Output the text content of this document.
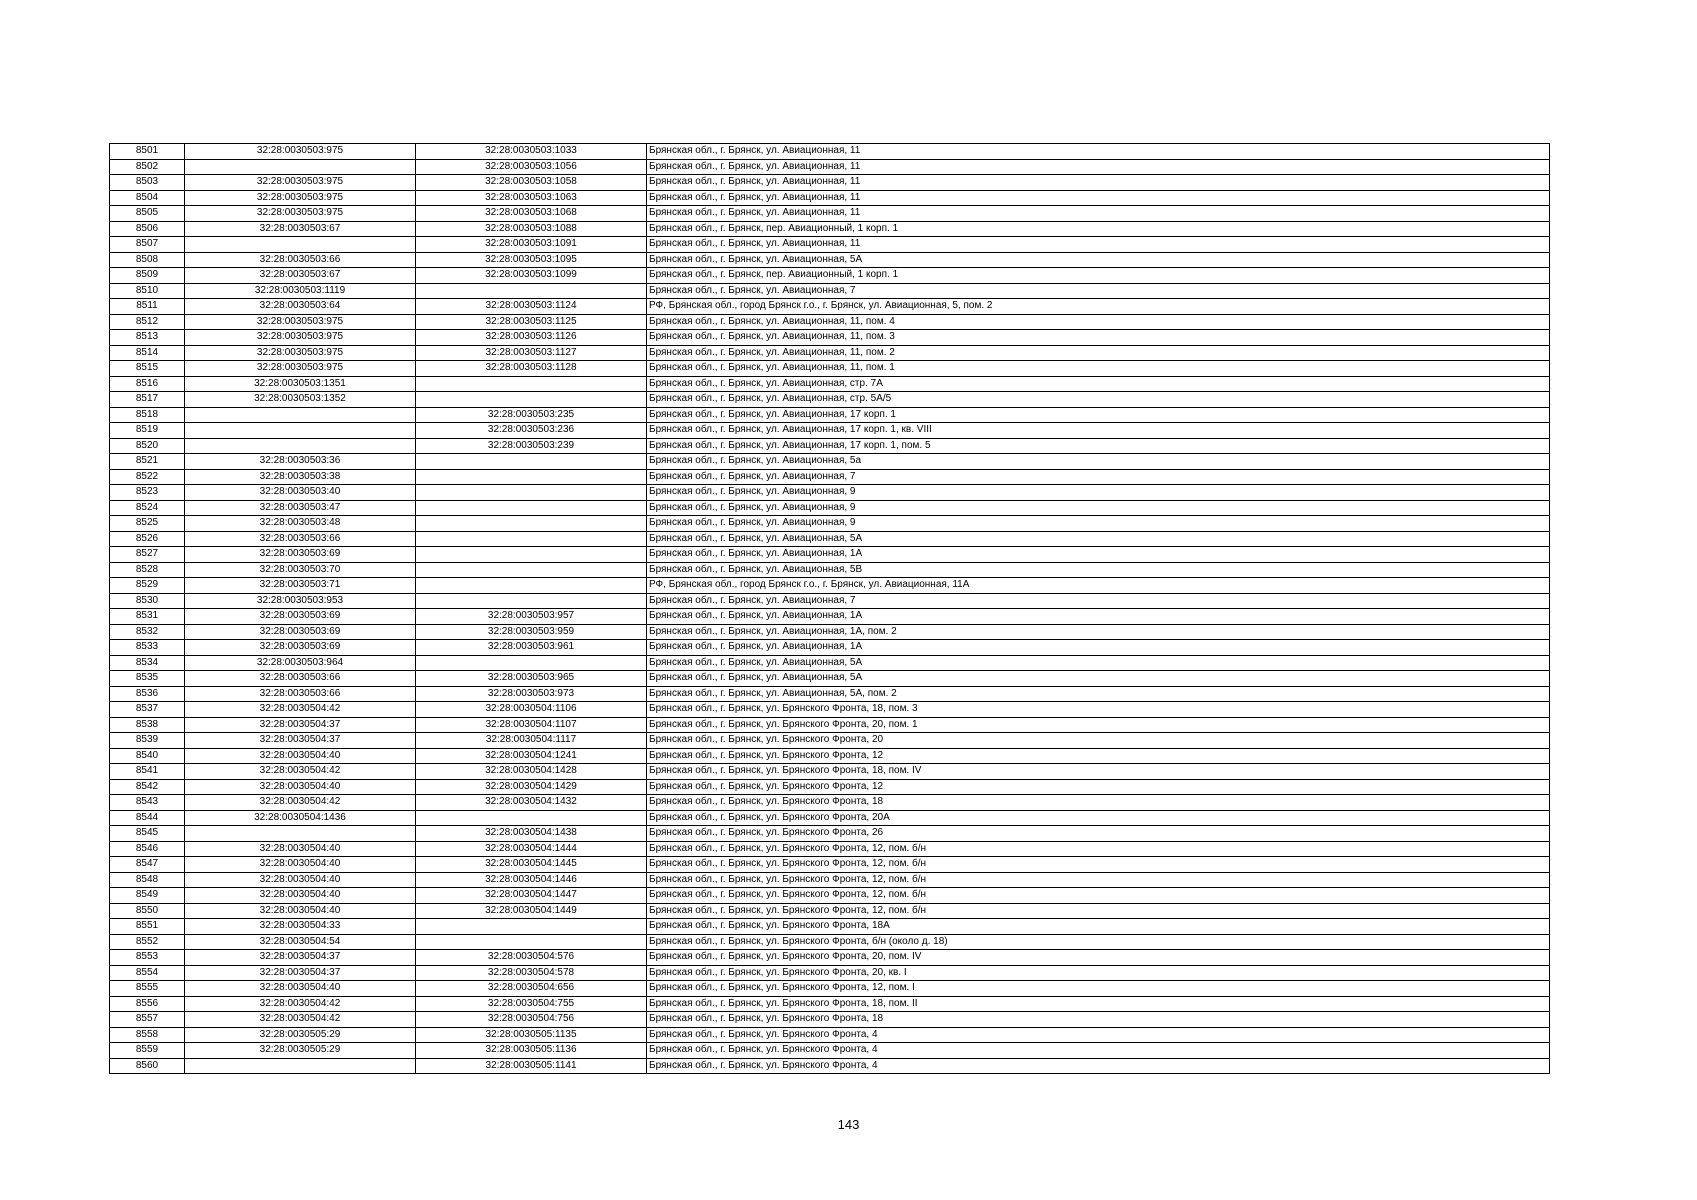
8501	32:28:0030503:975	32:28:0030503:1033	Брянская обл., г. Брянск, ул. Авиационная, 11
8502		32:28:0030503:1056	Брянская обл., г. Брянск, ул. Авиационная, 11
8503	32:28:0030503:975	32:28:0030503:1058	Брянская обл., г. Брянск, ул. Авиационная, 11
8504	32:28:0030503:975	32:28:0030503:1063	Брянская обл., г. Брянск, ул. Авиационная, 11
8505	32:28:0030503:975	32:28:0030503:1068	Брянская обл., г. Брянск, ул. Авиационная, 11
8506	32:28:0030503:67	32:28:0030503:1088	Брянская обл., г. Брянск, пер. Авиационный, 1 корп. 1
8507		32:28:0030503:1091	Брянская обл., г. Брянск, ул. Авиационная, 11
8508	32:28:0030503:66	32:28:0030503:1095	Брянская обл., г. Брянск, ул. Авиационная, 5А
8509	32:28:0030503:67	32:28:0030503:1099	Брянская обл., г. Брянск, пер. Авиационный, 1 корп. 1
8510	32:28:0030503:1119		Брянская обл., г. Брянск, ул. Авиационная, 7
8511	32:28:0030503:64	32:28:0030503:1124	РФ, Брянская обл., город Брянск г.о., г. Брянск, ул. Авиационная, 5, пом. 2
8512	32:28:0030503:975	32:28:0030503:1125	Брянская обл., г. Брянск, ул. Авиационная, 11, пом. 4
8513	32:28:0030503:975	32:28:0030503:1126	Брянская обл., г. Брянск, ул. Авиационная, 11, пом. 3
8514	32:28:0030503:975	32:28:0030503:1127	Брянская обл., г. Брянск, ул. Авиационная, 11, пом. 2
8515	32:28:0030503:975	32:28:0030503:1128	Брянская обл., г. Брянск, ул. Авиационная, 11, пом. 1
8516	32:28:0030503:1351		Брянская обл., г. Брянск, ул. Авиационная, стр. 7А
8517	32:28:0030503:1352		Брянская обл., г. Брянск, ул. Авиационная, стр. 5А/5
8518		32:28:0030503:235	Брянская обл., г. Брянск, ул. Авиационная, 17 корп. 1
8519		32:28:0030503:236	Брянская обл., г. Брянск, ул. Авиационная, 17 корп. 1, кв. VIII
8520		32:28:0030503:239	Брянская обл., г. Брянск, ул. Авиационная, 17 корп. 1, пом. 5
8521	32:28:0030503:36		Брянская обл., г. Брянск, ул. Авиационная, 5а
8522	32:28:0030503:38		Брянская обл., г. Брянск, ул. Авиационная, 7
8523	32:28:0030503:40		Брянская обл., г. Брянск, ул. Авиационная, 9
8524	32:28:0030503:47		Брянская обл., г. Брянск, ул. Авиационная, 9
8525	32:28:0030503:48		Брянская обл., г. Брянск, ул. Авиационная, 9
8526	32:28:0030503:66		Брянская обл., г. Брянск, ул. Авиационная, 5А
8527	32:28:0030503:69		Брянская обл., г. Брянск, ул. Авиационная, 1А
8528	32:28:0030503:70		Брянская обл., г. Брянск, ул. Авиационная, 5В
8529	32:28:0030503:71		РФ, Брянская обл., город Брянск г.о., г. Брянск, ул. Авиационная, 11А
8530	32:28:0030503:953		Брянская обл., г. Брянск, ул. Авиационная, 7
8531	32:28:0030503:69	32:28:0030503:957	Брянская обл., г. Брянск, ул. Авиационная, 1А
8532	32:28:0030503:69	32:28:0030503:959	Брянская обл., г. Брянск, ул. Авиационная, 1А, пом. 2
8533	32:28:0030503:69	32:28:0030503:961	Брянская обл., г. Брянск, ул. Авиационная, 1А
8534	32:28:0030503:964		Брянская обл., г. Брянск, ул. Авиационная, 5А
8535	32:28:0030503:66	32:28:0030503:965	Брянская обл., г. Брянск, ул. Авиационная, 5А
8536	32:28:0030503:66	32:28:0030503:973	Брянская обл., г. Брянск, ул. Авиационная, 5А, пом. 2
8537	32:28:0030504:42	32:28:0030504:1106	Брянская обл., г. Брянск, ул. Брянского Фронта, 18, пом. 3
8538	32:28:0030504:37	32:28:0030504:1107	Брянская обл., г. Брянск, ул. Брянского Фронта, 20, пом. 1
8539	32:28:0030504:37	32:28:0030504:1117	Брянская обл., г. Брянск, ул. Брянского Фронта, 20
8540	32:28:0030504:40	32:28:0030504:1241	Брянская обл., г. Брянск, ул. Брянского Фронта, 12
8541	32:28:0030504:42	32:28:0030504:1428	Брянская обл., г. Брянск, ул. Брянского Фронта, 18, пом. IV
8542	32:28:0030504:40	32:28:0030504:1429	Брянская обл., г. Брянск, ул. Брянского Фронта, 12
8543	32:28:0030504:42	32:28:0030504:1432	Брянская обл., г. Брянск, ул. Брянского Фронта, 18
8544	32:28:0030504:1436		Брянская обл., г. Брянск, ул. Брянского Фронта, 20А
8545		32:28:0030504:1438	Брянская обл., г. Брянск, ул. Брянского Фронта, 26
8546	32:28:0030504:40	32:28:0030504:1444	Брянская обл., г. Брянск, ул. Брянского Фронта, 12, пом. б/н
8547	32:28:0030504:40	32:28:0030504:1445	Брянская обл., г. Брянск, ул. Брянского Фронта, 12, пом. б/н
8548	32:28:0030504:40	32:28:0030504:1446	Брянская обл., г. Брянск, ул. Брянского Фронта, 12, пом. б/н
8549	32:28:0030504:40	32:28:0030504:1447	Брянская обл., г. Брянск, ул. Брянского Фронта, 12, пом. б/н
8550	32:28:0030504:40	32:28:0030504:1449	Брянская обл., г. Брянск, ул. Брянского Фронта, 12, пом. б/н
8551	32:28:0030504:33		Брянская обл., г. Брянск, ул. Брянского Фронта, 18А
8552	32:28:0030504:54		Брянская обл., г. Брянск, ул. Брянского Фронта, б/н (около д. 18)
8553	32:28:0030504:37	32:28:0030504:576	Брянская обл., г. Брянск, ул. Брянского Фронта, 20, пом. IV
8554	32:28:0030504:37	32:28:0030504:578	Брянская обл., г. Брянск, ул. Брянского Фронта, 20, кв. I
8555	32:28:0030504:40	32:28:0030504:656	Брянская обл., г. Брянск, ул. Брянского Фронта, 12, пом. I
8556	32:28:0030504:42	32:28:0030504:755	Брянская обл., г. Брянск, ул. Брянского Фронта, 18, пом. II
8557	32:28:0030504:42	32:28:0030504:756	Брянская обл., г. Брянск, ул. Брянского Фронта, 18
8558	32:28:0030505:29	32:28:0030505:1135	Брянская обл., г. Брянск, ул. Брянского Фронта, 4
8559	32:28:0030505:29	32:28:0030505:1136	Брянская обл., г. Брянск, ул. Брянского Фронта, 4
8560		32:28:0030505:1141	Брянская обл., г. Брянск, ул. Брянского Фронта, 4
143
